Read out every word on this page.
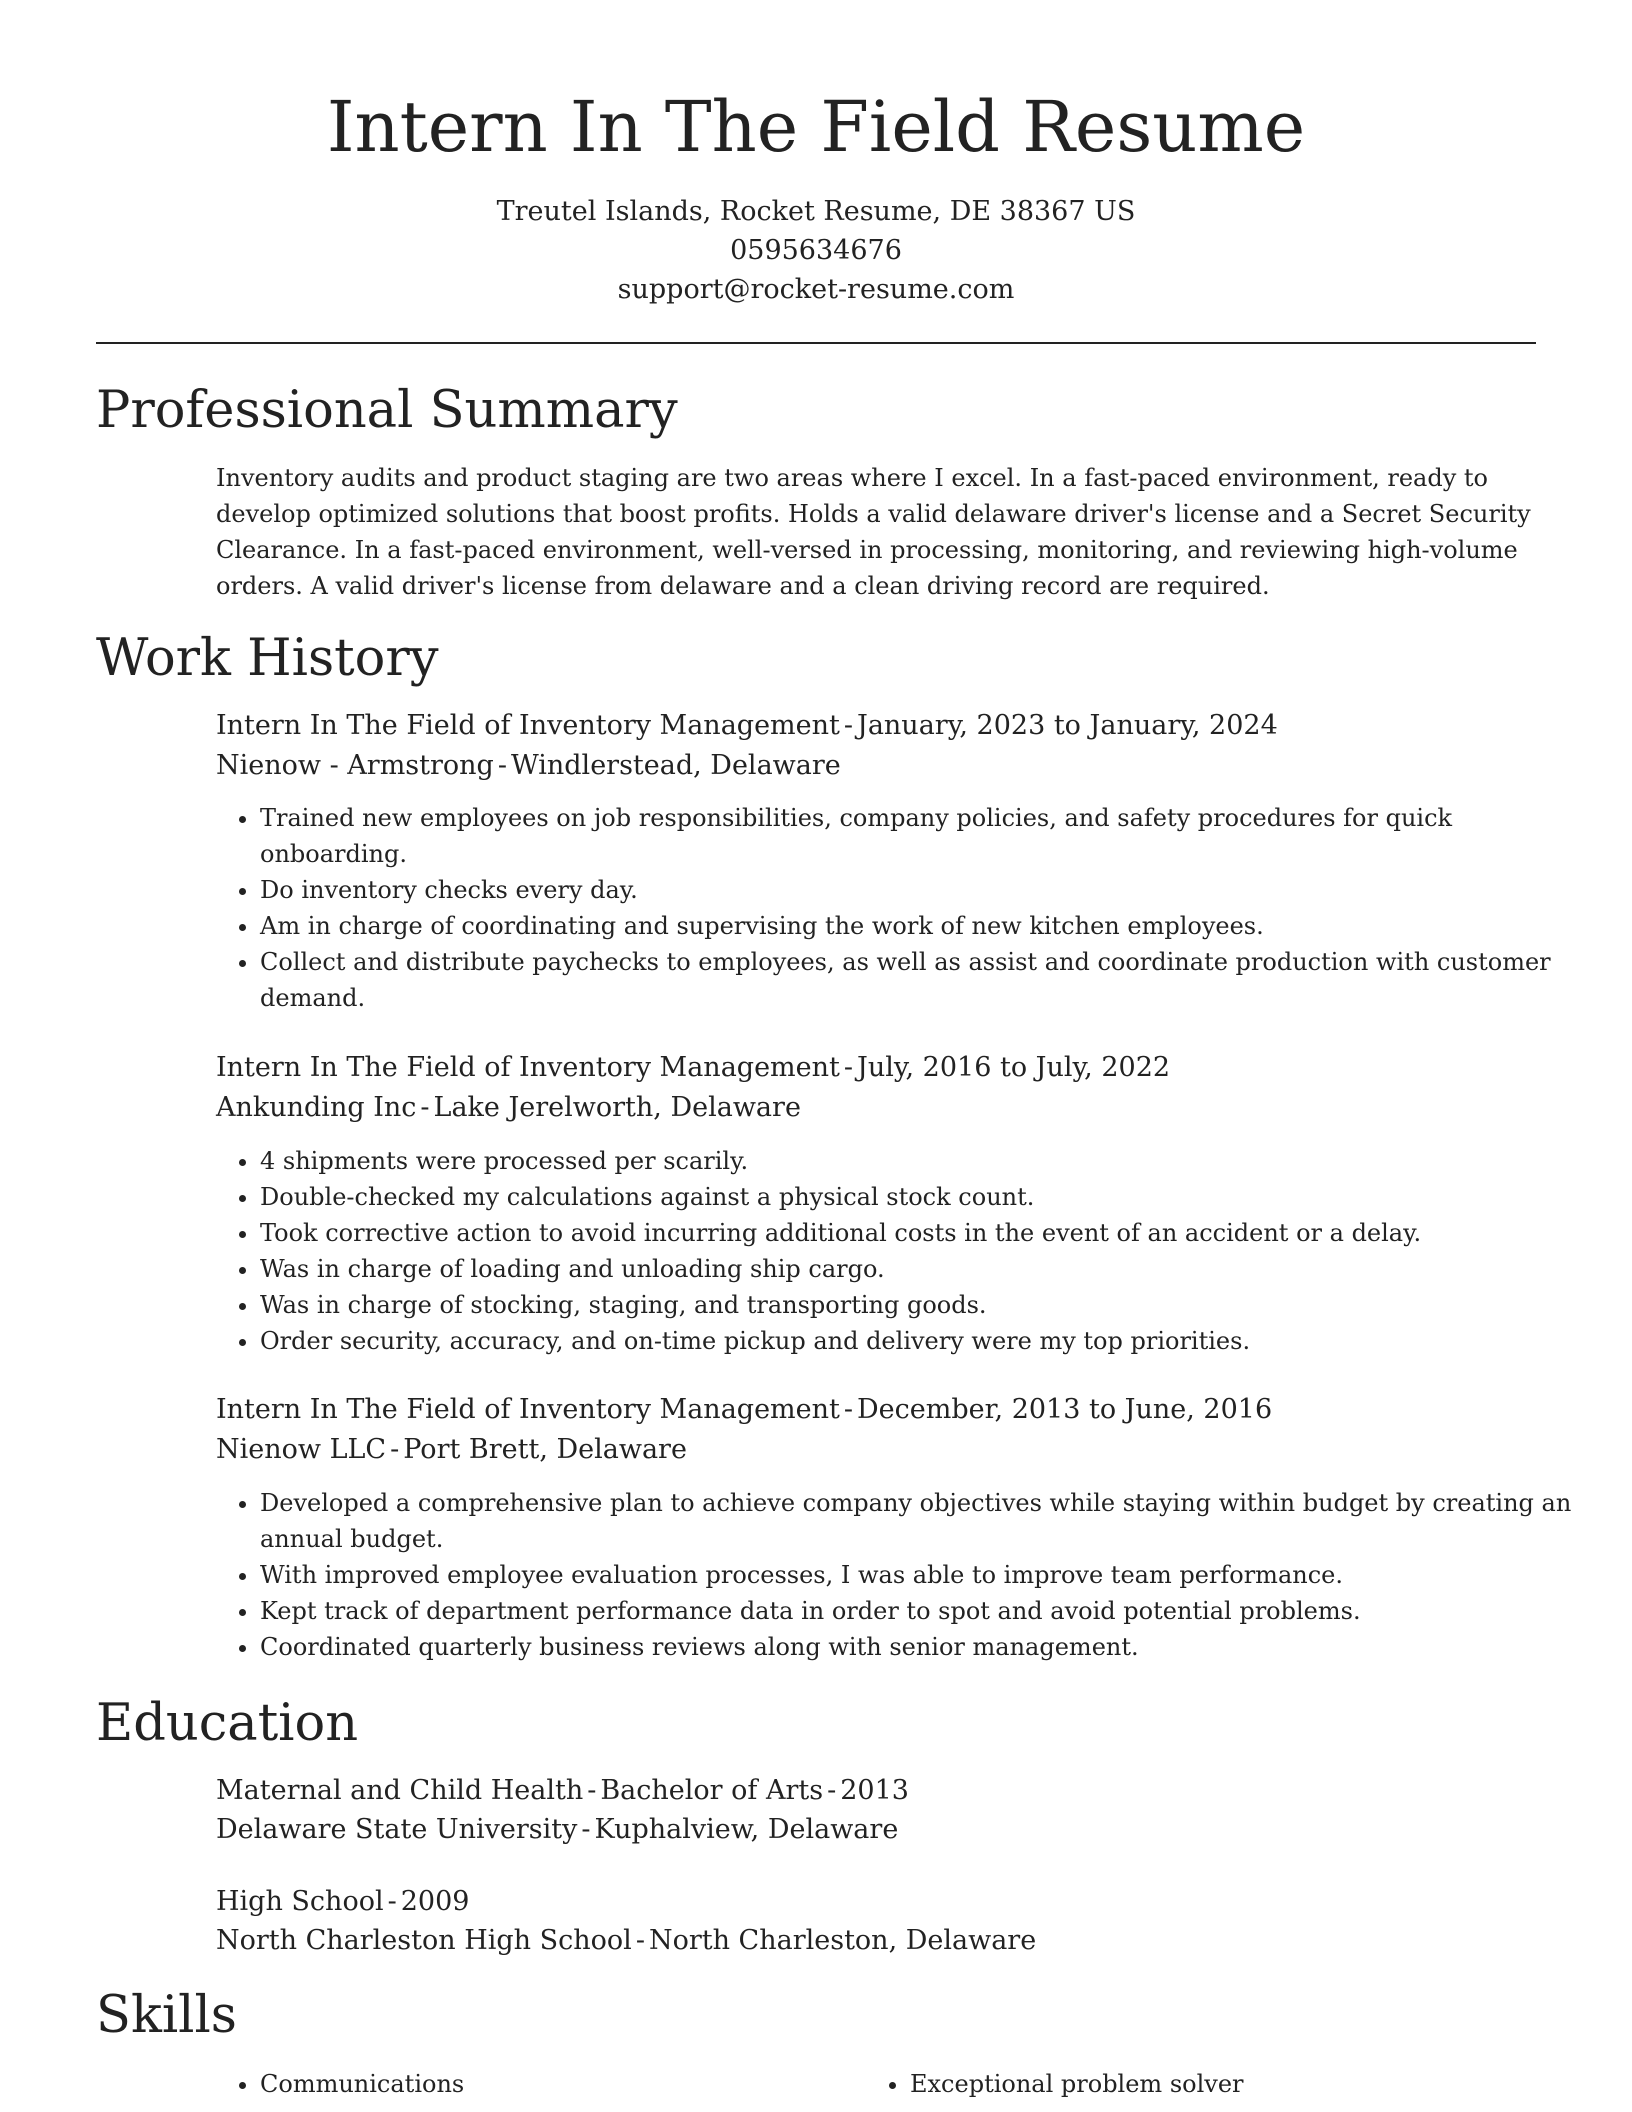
Intern In The Field Resume
Treutel Islands, Rocket Resume, DE 38367 US
0595634676
support@rocket-resume.com
Professional Summary

Inventory audits and product staging are two areas where I excel. In a fast-paced environment, ready to develop optimized solutions that boost profits. Holds a valid delaware driver's license and a Secret Security Clearance. In a fast-paced environment, well-versed in processing, monitoring, and reviewing high-volume orders. A valid driver's license from delaware and a clean driving record are required.

Work History
Intern In The Field of Inventory Management - January, 2023 to January, 2024
Nienow - Armstrong - Windlerstead, Delaware
• Trained new employees on job responsibilities, company policies, and safety procedures for quick onboarding.
• Do inventory checks every day.
• Am in charge of coordinating and supervising the work of new kitchen employees.
• Collect and distribute paychecks to employees, as well as assist and coordinate production with customer demand.
Intern In The Field of Inventory Management - July, 2016 to July, 2022
Ankunding Inc - Lake Jerelworth, Delaware
• 4 shipments were processed per scarily.
• Double-checked my calculations against a physical stock count.
• Took corrective action to avoid incurring additional costs in the event of an accident or a delay.
• Was in charge of loading and unloading ship cargo.
• Was in charge of stocking, staging, and transporting goods.
• Order security, accuracy, and on-time pickup and delivery were my top priorities.
Intern In The Field of Inventory Management - December, 2013 to June, 2016
Nienow LLC - Port Brett, Delaware
• Developed a comprehensive plan to achieve company objectives while staying within budget by creating an annual budget.
• With improved employee evaluation processes, I was able to improve team performance.
• Kept track of department performance data in order to spot and avoid potential problems.
• Coordinated quarterly business reviews along with senior management.
Education
Maternal and Child Health - Bachelor of Arts - 2013
Delaware State University - Kuphalview, Delaware
High School - 2009
North Charleston High School - North Charleston, Delaware
Skills
• Communications
•	Exceptional problem solver
